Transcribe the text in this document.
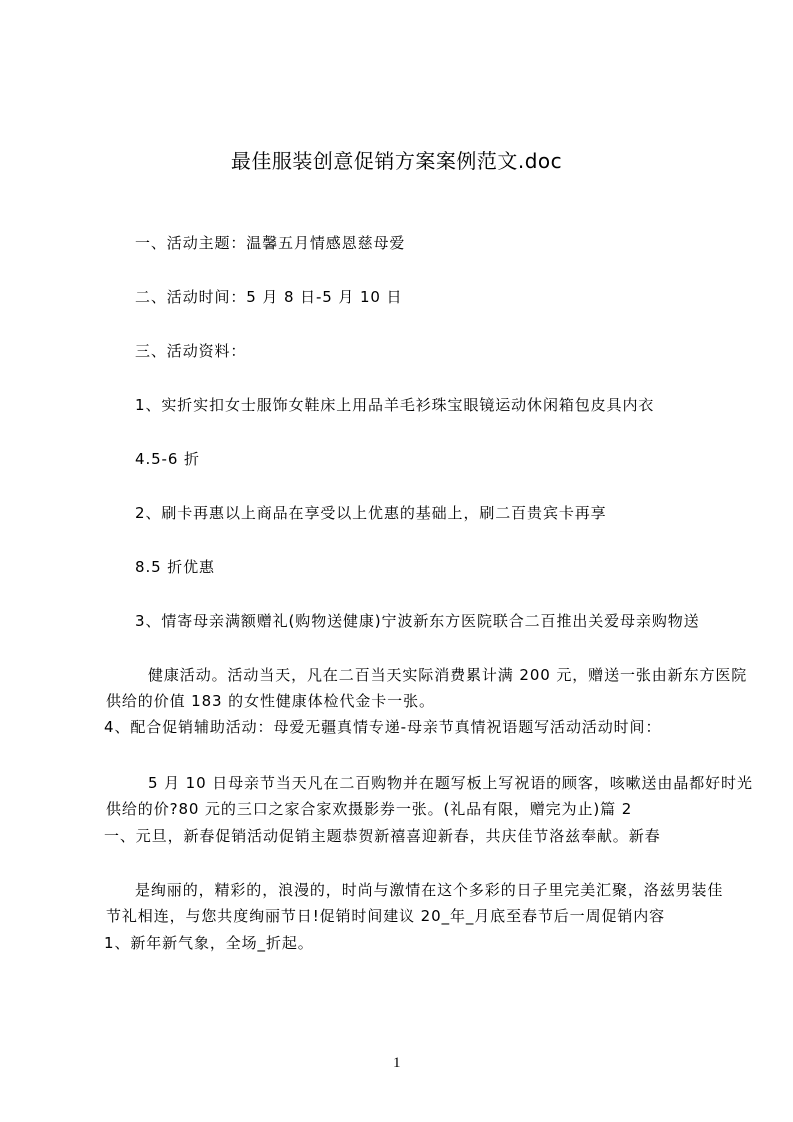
最佳服装创意促销方案案例范文.doc
一、活动主题：温馨五月情感恩慈母爱
二、活动时间：5 月 8 日-5 月 10 日
三、活动资料：
1、实折实扣女士服饰女鞋床上用品羊毛衫珠宝眼镜运动休闲箱包皮具内衣
4.5-6 折
2、刷卡再惠以上商品在享受以上优惠的基础上，刷二百贵宾卡再享
8.5 折优惠
3、情寄母亲满额赠礼(购物送健康)宁波新东方医院联合二百推出关爱母亲购物送
健康活动。活动当天，凡在二百当天实际消费累计满 200 元，赠送一张由新东方医院
供给的价值 183 的女性健康体检代金卡一张。
4、配合促销辅助活动：母爱无疆真情专递-母亲节真情祝语题写活动活动时间：
5 月 10 日母亲节当天凡在二百购物并在题写板上写祝语的顾客，咳嗽送由晶都好时光
供给的价?80 元的三口之家合家欢摄影券一张。(礼品有限，赠完为止)篇 2
一、元旦，新春促销活动促销主题恭贺新禧喜迎新春，共庆佳节洛兹奉献。新春
是绚丽的，精彩的，浪漫的，时尚与激情在这个多彩的日子里完美汇聚，洛兹男装佳
节礼相连，与您共度绚丽节日!促销时间建议 20_年_月底至春节后一周促销内容
1、新年新气象，全场_折起。
1
